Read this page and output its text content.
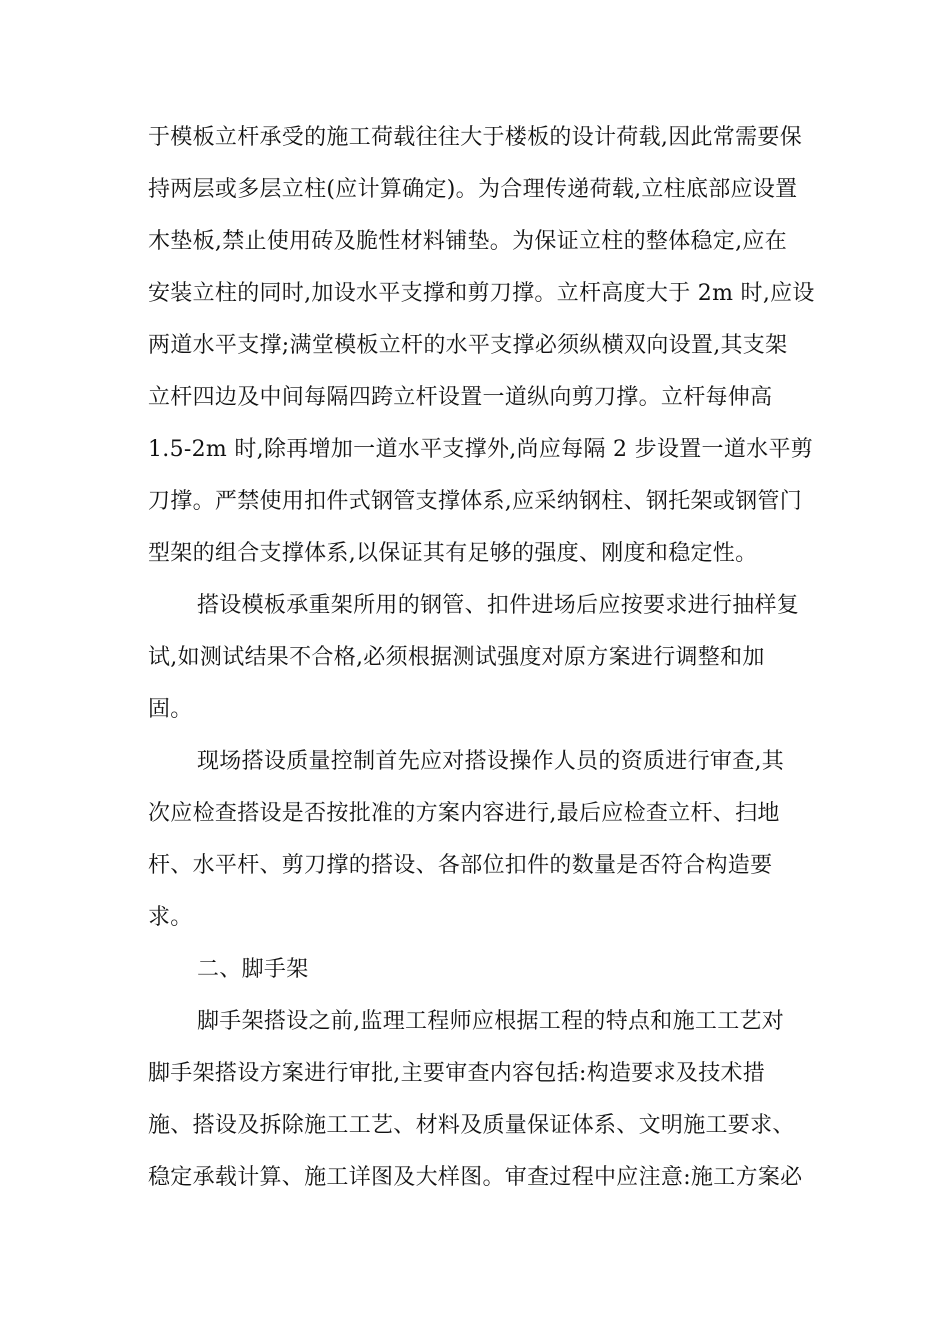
于模板立杆承受的施工荷载往往大于楼板的设计荷载,因此常需要保
持两层或多层立柱(应计算确定)。为合理传递荷载,立柱底部应设置
木垫板,禁止使用砖及脆性材料铺垫。为保证立柱的整体稳定,应在
安装立柱的同时,加设水平支撑和剪刀撑。立杆高度大于 2m 时,应设
两道水平支撑;满堂模板立杆的水平支撑必须纵横双向设置,其支架
立杆四边及中间每隔四跨立杆设置一道纵向剪刀撑。立杆每伸高
1.5-2m 时,除再增加一道水平支撑外,尚应每隔 2 步设置一道水平剪
刀撑。严禁使用扣件式钢管支撑体系,应采纳钢柱、钢托架或钢管门
型架的组合支撑体系,以保证其有足够的强度、刚度和稳定性。
搭设模板承重架所用的钢管、扣件进场后应按要求进行抽样复
试,如测试结果不合格,必须根据测试强度对原方案进行调整和加
固。
现场搭设质量控制首先应对搭设操作人员的资质进行审查,其
次应检查搭设是否按批准的方案内容进行,最后应检查立杆、扫地
杆、水平杆、剪刀撑的搭设、各部位扣件的数量是否符合构造要
求。
二、脚手架
脚手架搭设之前,监理工程师应根据工程的特点和施工工艺对
脚手架搭设方案进行审批,主要审查内容包括:构造要求及技术措
施、搭设及拆除施工工艺、材料及质量保证体系、文明施工要求、
稳定承载计算、施工详图及大样图。审查过程中应注意:施工方案必
